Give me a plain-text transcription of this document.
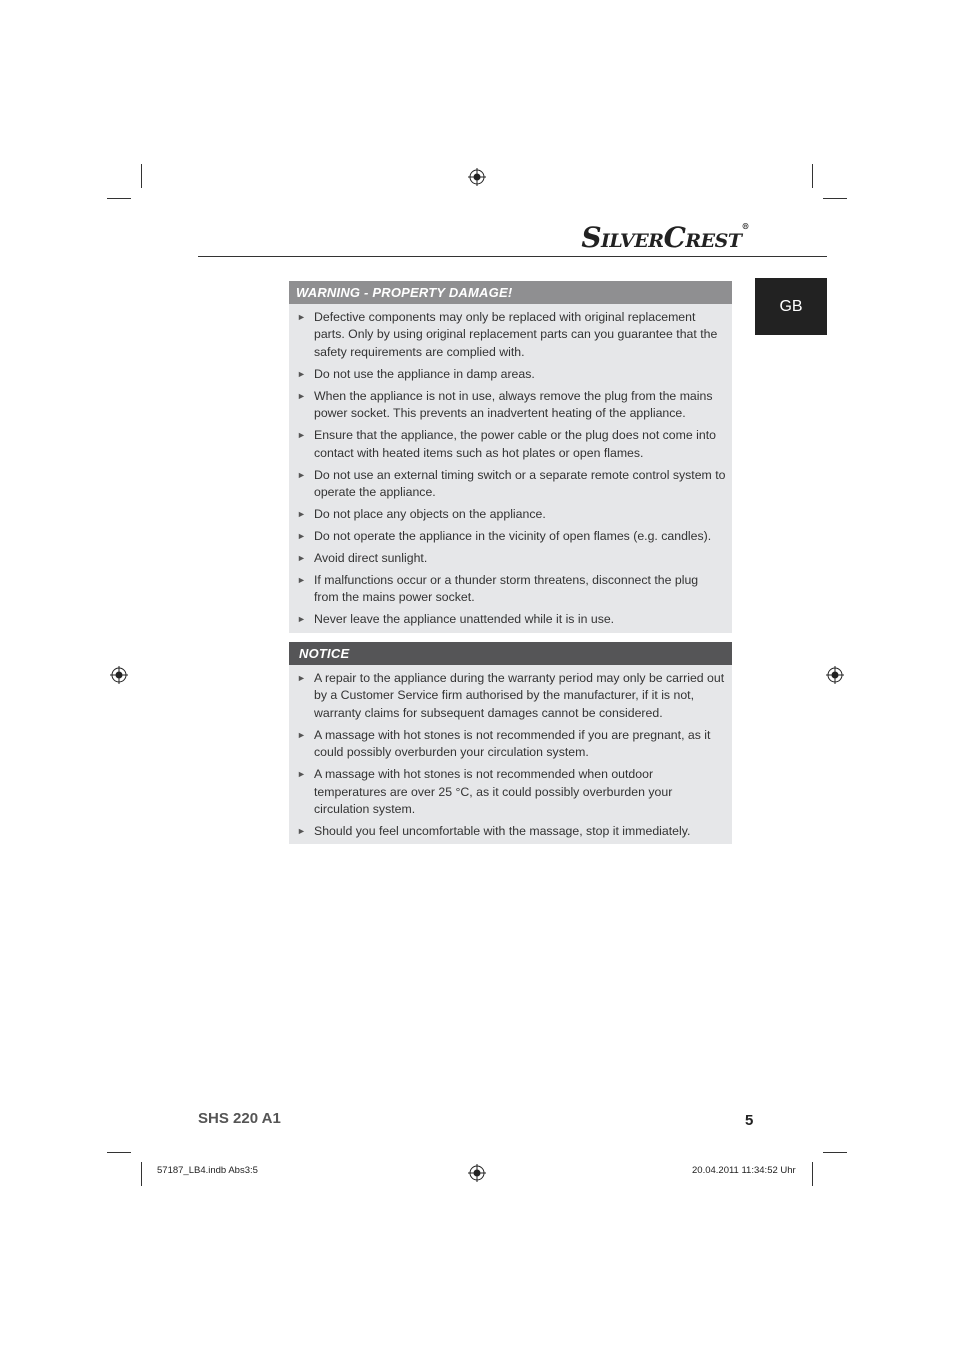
SILVERCREST®
GB
WARNING - PROPERTY DAMAGE!
► Defective components may only be replaced with original replacement parts. Only by using original replacement parts can you guarantee that the safety requirements are complied with.
► Do not use the appliance in damp areas.
► When the appliance is not in use, always remove the plug from the mains power socket. This prevents an inadvertent heating of the appliance.
► Ensure that the appliance, the power cable or the plug does not come into contact with heated items such as hot plates or open flames.
► Do not use an external timing switch or a separate remote control system to operate the appliance.
► Do not place any objects on the appliance.
► Do not operate the appliance in the vicinity of open flames (e.g. candles).
► Avoid direct sunlight.
► If malfunctions occur or a thunder storm threatens, disconnect the plug from the mains power socket.
► Never leave the appliance unattended while it is in use.
NOTICE
► A repair to the appliance during the warranty period may only be carried out by a Customer Service firm authorised by the manufacturer, if it is not, warranty claims for subsequent damages cannot be considered.
► A massage with hot stones is not recommended if you are pregnant, as it could possibly overburden your circulation system.
► A massage with hot stones is not recommended when outdoor temperatures are over 25 °C, as it could possibly overburden your circulation system.
► Should you feel uncomfortable with the massage, stop it immediately.
SHS 220 A1	5
57187_LB4.indb Abs3:5	20.04.2011 11:34:52 Uhr
